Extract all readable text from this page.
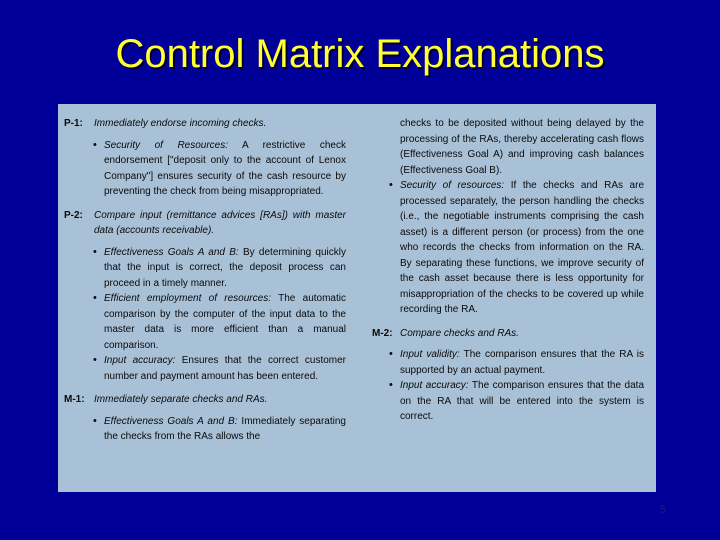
Control Matrix Explanations
P-1:	Immediately endorse incoming checks.
• Security of Resources: A restrictive check endorsement ["deposit only to the account of Lenox Company"] ensures security of the cash resource by preventing the check from being misappropriated.
P-2:	Compare input (remittance advices [RAs]) with master data (accounts receivable).
• Effectiveness Goals A and B: By determining quickly that the input is correct, the deposit process can proceed in a timely manner.
• Efficient employment of resources: The automatic comparison by the computer of the input data to the master data is more efficient than a manual comparison.
• Input accuracy: Ensures that the correct customer number and payment amount has been entered.
M-1: Immediately separate checks and RAs.
• Effectiveness Goals A and B: Immediately separating the checks from the RAs allows the
checks to be deposited without being delayed by the processing of the RAs, thereby accelerating cash flows (Effectiveness Goal A) and improving cash balances (Effectiveness Goal B).
• Security of resources: If the checks and RAs are processed separately, the person handling the checks (i.e., the negotiable instruments comprising the cash asset) is a different person (or process) from the one who records the checks from information on the RA. By separating these functions, we improve security of the cash asset because there is less opportunity for misappropriation of the checks to be covered up while recording the RA.
M-2: Compare checks and RAs.
• Input validity: The comparison ensures that the RA is supported by an actual payment.
• Input accuracy: The comparison ensures that the data on the RA that will be entered into the system is correct.
5
